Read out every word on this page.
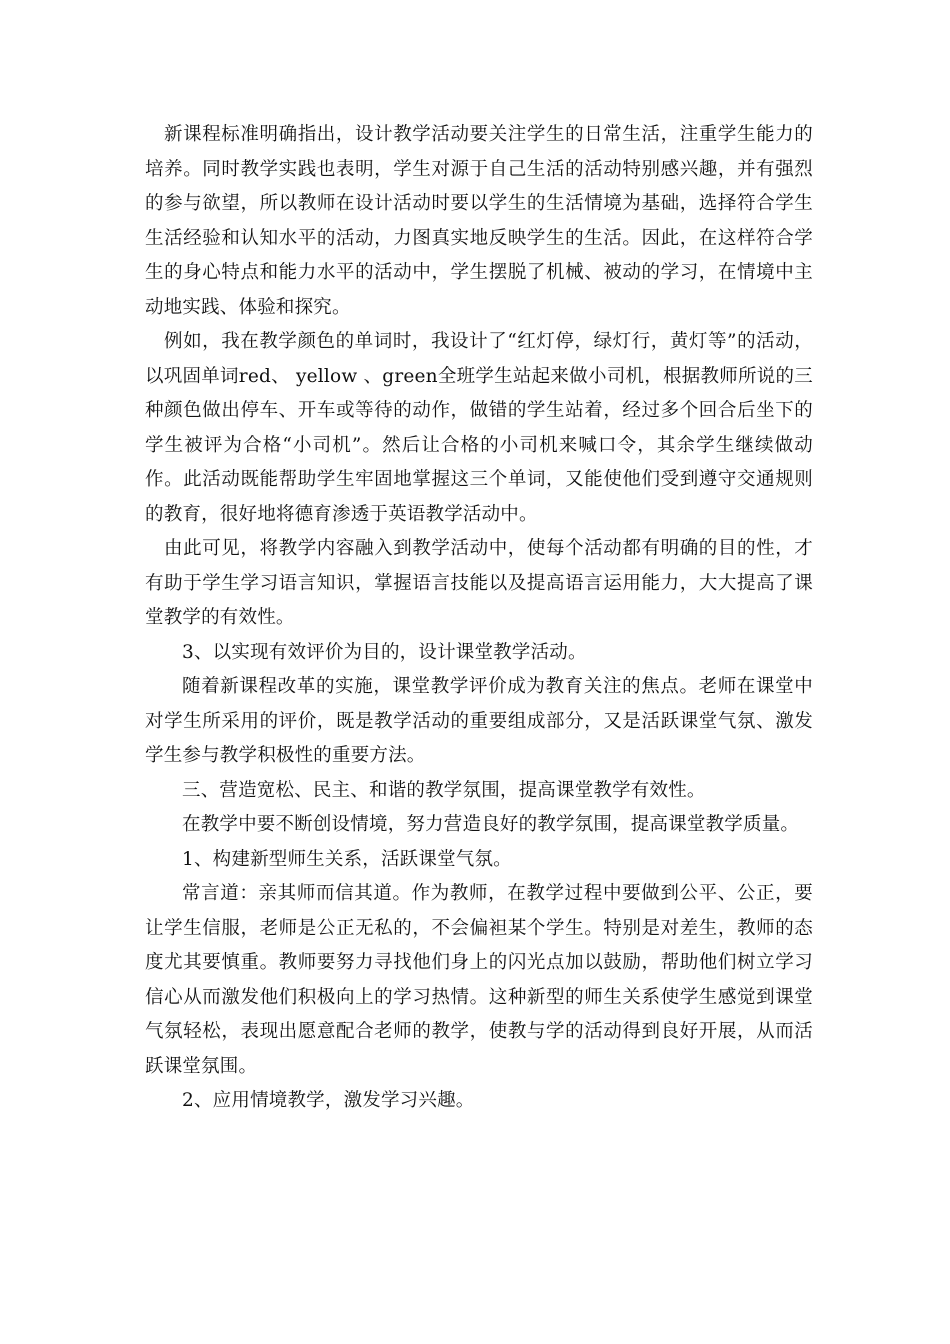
新课程标准明确指出，设计教学活动要关注学生的日常生活，注重学生能力的培养。同时教学实践也表明，学生对源于自己生活的活动特别感兴趣，并有强烈的参与欲望，所以教师在设计活动时要以学生的生活情境为基础，选择符合学生生活经验和认知水平的活动，力图真实地反映学生的生活。因此，在这样符合学生的身心特点和能力水平的活动中，学生摆脱了机械、被动的学习，在情境中主动地实践、体验和探究。

例如，我在教学颜色的单词时，我设计了“红灯停，绿灯行，黄灯等”的活动，以巩固单词red、 yellow 、green全班学生站起来做小司机，根据教师所说的三种颜色做出停车、开车或等待的动作，做错的学生站着，经过多个回合后坐下的学生被评为合格“小司机”。然后让合格的小司机来喊口令，其余学生继续做动作。此活动既能帮助学生牢固地掌握这三个单词，又能使他们受到遵守交通规则的教育，很好地将德育渗透于英语教学活动中。

由此可见，将教学内容融入到教学活动中，使每个活动都有明确的目的性，才有助于学生学习语言知识，掌握语言技能以及提高语言运用能力，大大提高了课堂教学的有效性。

3、以实现有效评价为目的，设计课堂教学活动。

随着新课程改革的实施，课堂教学评价成为教育关注的焦点。老师在课堂中对学生所采用的评价，既是教学活动的重要组成部分，又是活跃课堂气氛、激发学生参与教学积极性的重要方法。

三、营造宽松、民主、和谐的教学氛围，提高课堂教学有效性。

在教学中要不断创设情境，努力营造良好的教学氛围，提高课堂教学质量。

1、构建新型师生关系，活跃课堂气氛。

常言道：亲其师而信其道。作为教师，在教学过程中要做到公平、公正，要让学生信服，老师是公正无私的，不会偏袒某个学生。特别是对差生，教师的态度尤其要慎重。教师要努力寻找他们身上的闪光点加以鼓励，帮助他们树立学习信心从而激发他们积极向上的学习热情。这种新型的师生关系使学生感觉到课堂气氛轻松，表现出愿意配合老师的教学，使教与学的活动得到良好开展，从而活跃课堂氛围。

2、应用情境教学，激发学习兴趣。
